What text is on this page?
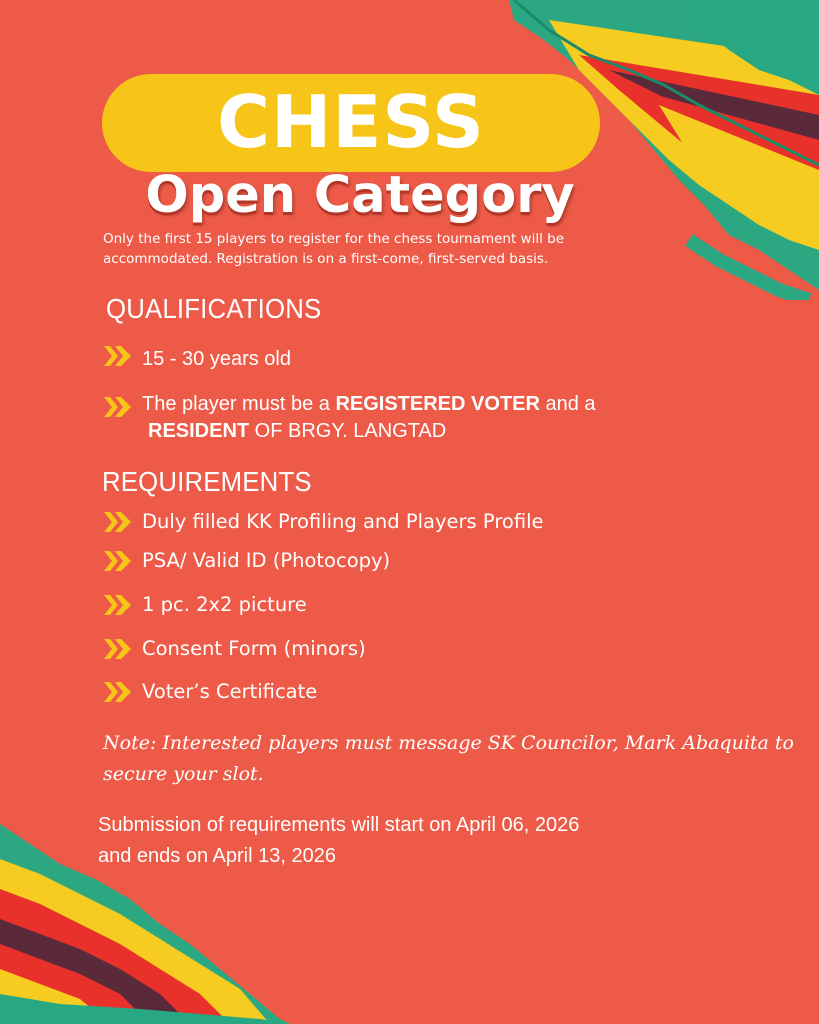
CHESS
Open Category
Only the first 15 players to register for the chess tournament will be accommodated. Registration is on a first-come, first-served basis.
QUALIFICATIONS
15 - 30 years old
The player must be a REGISTERED VOTER and a
RESIDENT OF BRGY. LANGTAD
REQUIREMENTS
Duly filled KK Profiling and Players Profile
PSA/ Valid ID (Photocopy)
1 pc. 2x2 picture
Consent Form (minors)
Voter’s Certificate
Note: Interested players must message SK Councilor, Mark Abaquita to secure your slot.
Submission of requirements will start on April 06, 2026
and ends on April 13, 2026
